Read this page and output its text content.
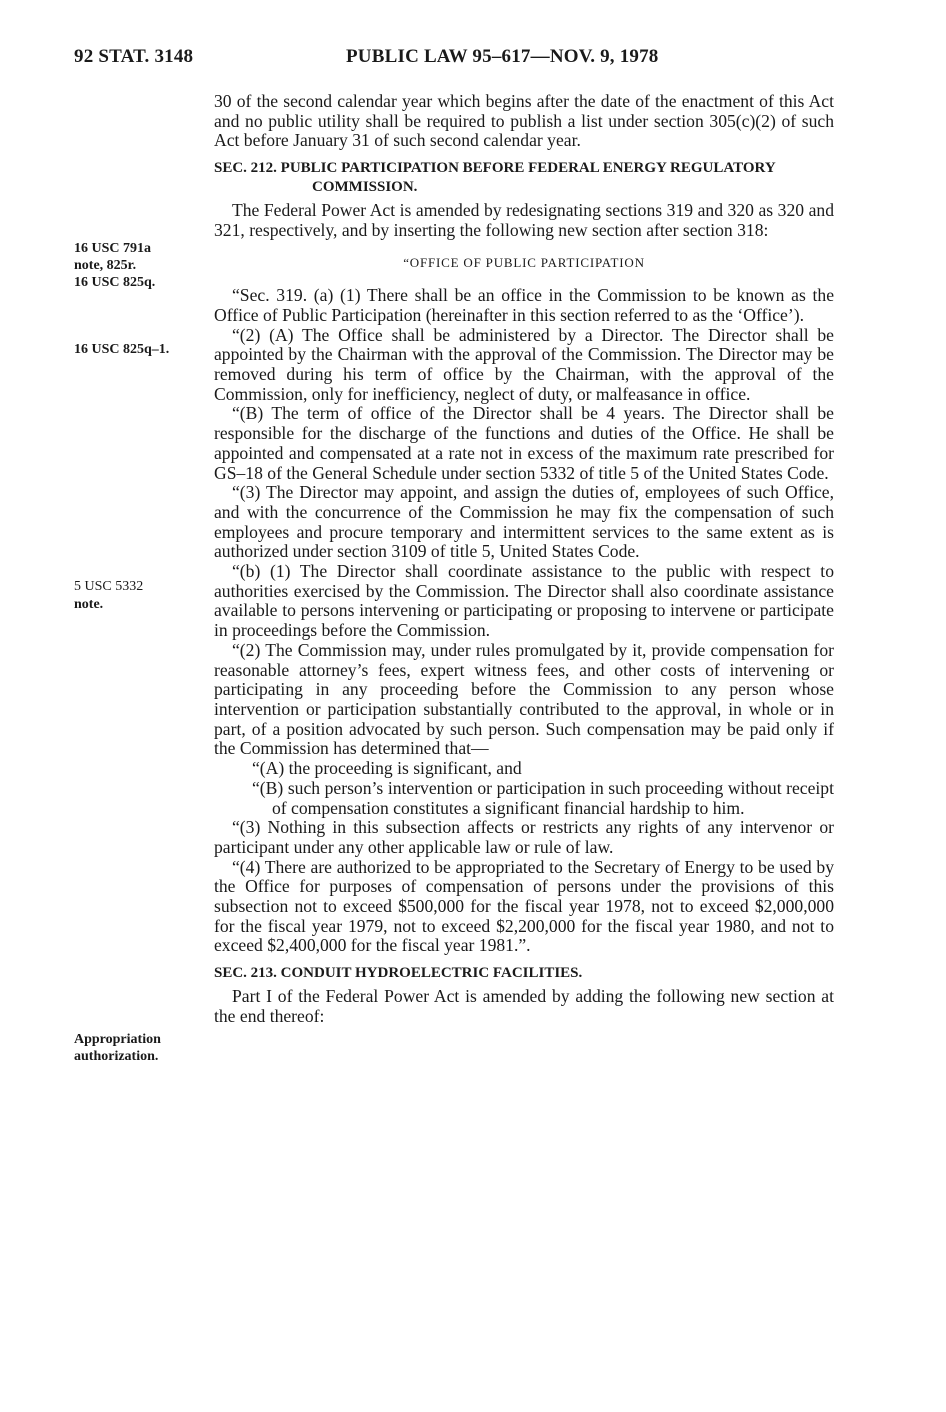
92 STAT. 3148	PUBLIC LAW 95–617—NOV. 9, 1978
16 USC 791a
note, 825r.
16 USC 825q.
16 USC 825q–1.
5 USC 5332
note.
Appropriation
authorization.

30 of the second calendar year which begins after the date of the enactment of this Act and no public utility shall be required to publish a list under section 305(c)(2) of such Act before January 31 of such second calendar year.

SEC. 212. PUBLIC PARTICIPATION BEFORE FEDERAL ENERGY REGULATORY COMMISSION.

The Federal Power Act is amended by redesignating sections 319 and 320 as 320 and 321, respectively, and by inserting the following new section after section 318:

“OFFICE OF PUBLIC PARTICIPATION

“Sec. 319. (a) (1) There shall be an office in the Commission to be known as the Office of Public Participation (hereinafter in this section referred to as the ‘Office’).

“(2) (A) The Office shall be administered by a Director. The Director shall be appointed by the Chairman with the approval of the Commission. The Director may be removed during his term of office by the Chairman, with the approval of the Commission, only for inefficiency, neglect of duty, or malfeasance in office.

“(B) The term of office of the Director shall be 4 years. The Director shall be responsible for the discharge of the functions and duties of the Office. He shall be appointed and compensated at a rate not in excess of the maximum rate prescribed for GS–18 of the General Schedule under section 5332 of title 5 of the United States Code.

“(3) The Director may appoint, and assign the duties of, employees of such Office, and with the concurrence of the Commission he may fix the compensation of such employees and procure temporary and intermittent services to the same extent as is authorized under section 3109 of title 5, United States Code.

“(b) (1) The Director shall coordinate assistance to the public with respect to authorities exercised by the Commission. The Director shall also coordinate assistance available to persons intervening or participating or proposing to intervene or participate in proceedings before the Commission.

“(2) The Commission may, under rules promulgated by it, provide compensation for reasonable attorney’s fees, expert witness fees, and other costs of intervening or participating in any proceeding before the Commission to any person whose intervention or participation substantially contributed to the approval, in whole or in part, of a position advocated by such person. Such compensation may be paid only if the Commission has determined that—

“(A) the proceeding is significant, and

“(B) such person’s intervention or participation in such proceeding without receipt of compensation constitutes a significant financial hardship to him.

“(3) Nothing in this subsection affects or restricts any rights of any intervenor or participant under any other applicable law or rule of law.

“(4) There are authorized to be appropriated to the Secretary of Energy to be used by the Office for purposes of compensation of persons under the provisions of this subsection not to exceed $500,000 for the fiscal year 1978, not to exceed $2,000,000 for the fiscal year 1979, not to exceed $2,200,000 for the fiscal year 1980, and not to exceed $2,400,000 for the fiscal year 1981.”.

SEC. 213. CONDUIT HYDROELECTRIC FACILITIES.

Part I of the Federal Power Act is amended by adding the following new section at the end thereof:
